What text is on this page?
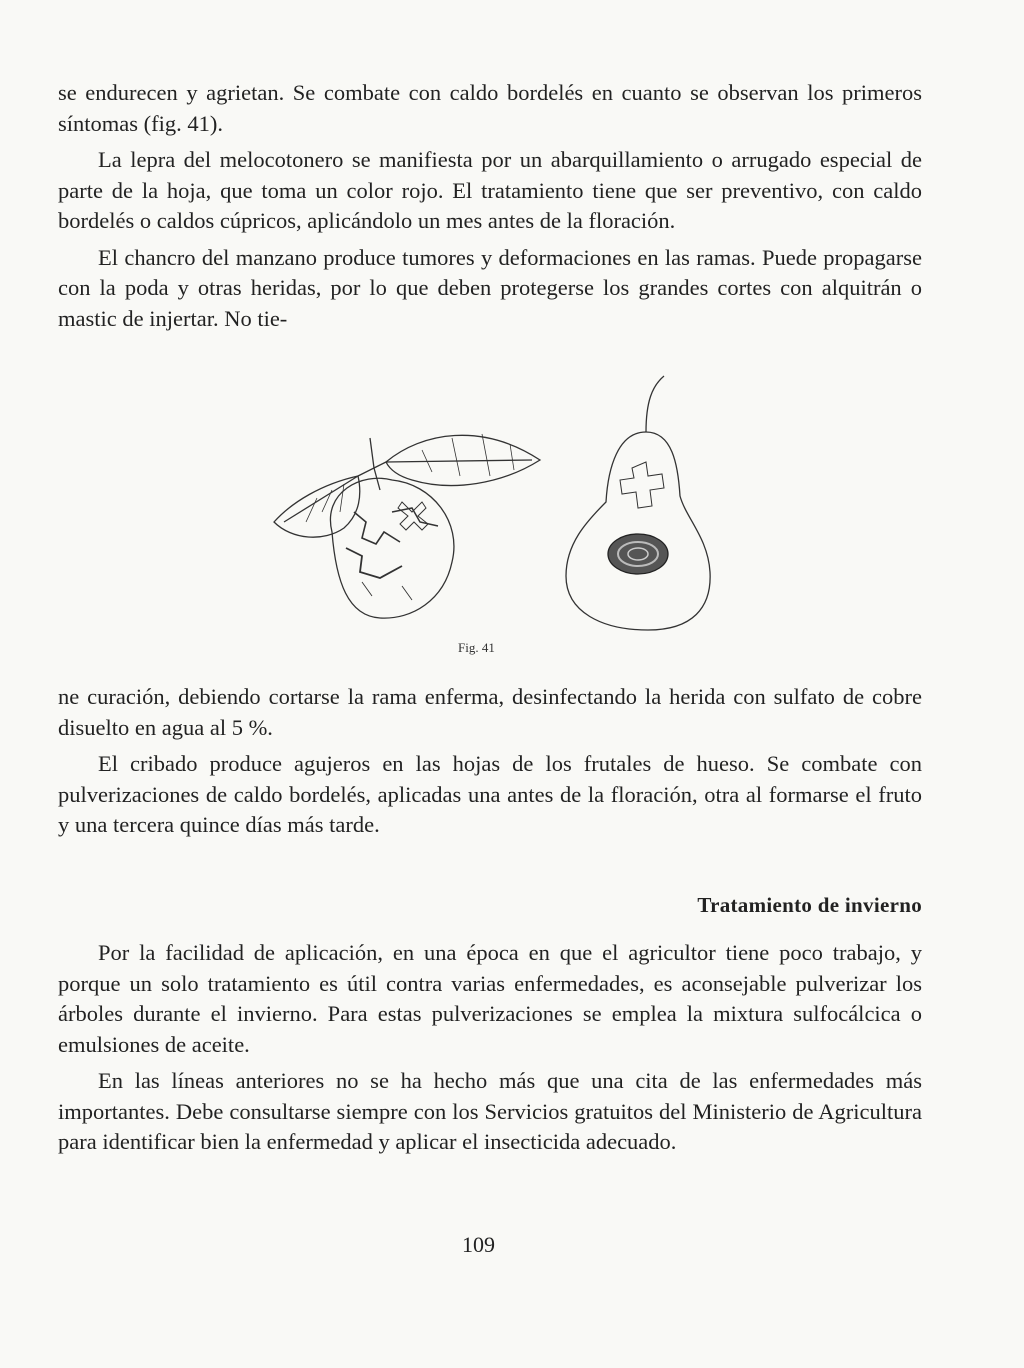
se endurecen y agrietan. Se combate con caldo bordelés en cuanto se observan los primeros síntomas (fig. 41).

La lepra del melocotonero se manifiesta por un abarquillamiento o arrugado especial de parte de la hoja, que toma un color rojo. El tratamiento tiene que ser preventivo, con caldo bordelés o caldos cúpricos, aplicándolo un mes antes de la floración.

El chancro del manzano produce tumores y deformaciones en las ramas. Puede propagarse con la poda y otras heridas, por lo que deben protegerse los grandes cortes con alquitrán o mastic de injertar. No tie-

Fig. 41

ne curación, debiendo cortarse la rama enferma, desinfectando la herida con sulfato de cobre disuelto en agua al 5 %.

El cribado produce agujeros en las hojas de los frutales de hueso. Se combate con pulverizaciones de caldo bordelés, aplicadas una antes de la floración, otra al formarse el fruto y una tercera quince días más tarde.

Tratamiento de invierno

Por la facilidad de aplicación, en una época en que el agricultor tiene poco trabajo, y porque un solo tratamiento es útil contra varias enfermedades, es aconsejable pulverizar los árboles durante el invierno. Para estas pulverizaciones se emplea la mixtura sulfocálcica o emulsiones de aceite.

En las líneas anteriores no se ha hecho más que una cita de las enfermedades más importantes. Debe consultarse siempre con los Servicios gratuitos del Ministerio de Agricultura para identificar bien la enfermedad y aplicar el insecticida adecuado.

109
